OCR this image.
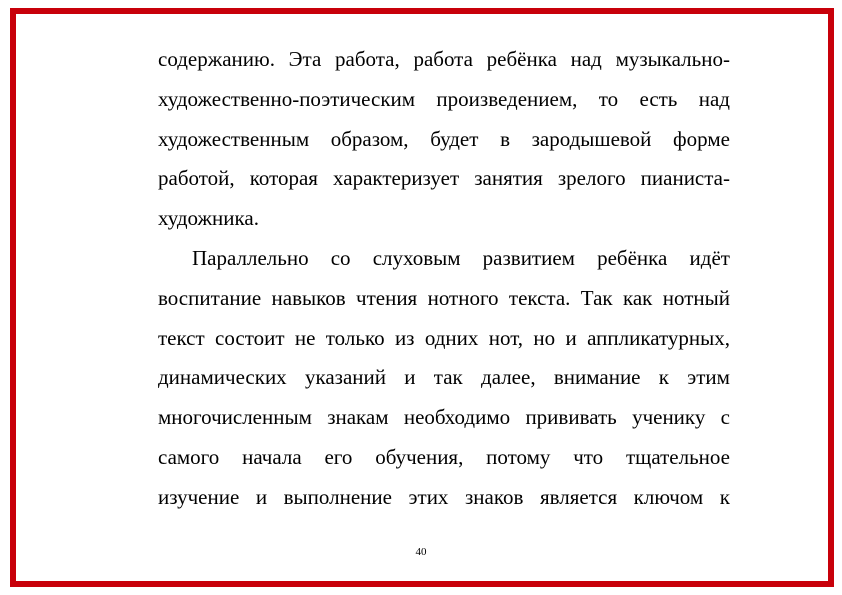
содержанию. Эта работа, работа ребёнка над музыкально-
художественно-поэтическим произведением, то есть над
художественным образом, будет в зародышевой форме
работой, которая характеризует занятия зрелого пианиста-
художника.
Параллельно со слуховым развитием ребёнка идёт
воспитание навыков чтения нотного текста. Так как нотный
текст состоит не только из одних нот, но и аппликатурных,
динамических указаний и так далее, внимание к этим
многочисленным знакам необходимо прививать ученику с
самого начала его обучения, потому что тщательное
изучение и выполнение этих знаков является ключом к
40
